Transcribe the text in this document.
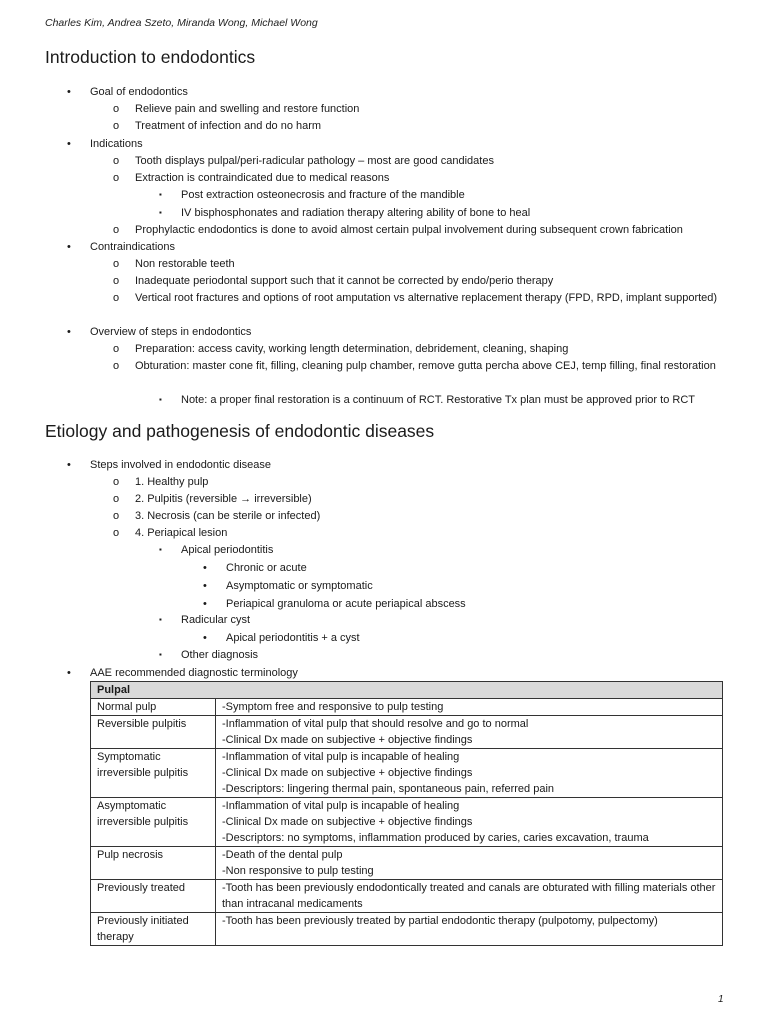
Charles Kim, Andrea Szeto, Miranda Wong, Michael Wong
Introduction to endodontics
• Goal of endodontics
o Relieve pain and swelling and restore function
o Treatment of infection and do no harm
• Indications
o Tooth displays pulpal/peri-radicular pathology – most are good candidates
o Extraction is contraindicated due to medical reasons
▪ Post extraction osteonecrosis and fracture of the mandible
▪ IV bisphosphonates and radiation therapy altering ability of bone to heal
o Prophylactic endodontics is done to avoid almost certain pulpal involvement during subsequent crown fabrication
• Contraindications
o Non restorable teeth
o Inadequate periodontal support such that it cannot be corrected by endo/perio therapy
o Vertical root fractures and options of root amputation vs alternative replacement therapy (FPD, RPD, implant supported)
• Overview of steps in endodontics
o Preparation: access cavity, working length determination, debridement, cleaning, shaping
o Obturation: master cone fit, filling, cleaning pulp chamber, remove gutta percha above CEJ, temp filling, final restoration
▪ Note: a proper final restoration is a continuum of RCT. Restorative Tx plan must be approved prior to RCT
Etiology and pathogenesis of endodontic diseases
• Steps involved in endodontic disease
o 1. Healthy pulp
o 2. Pulpitis (reversible → irreversible)
o 3. Necrosis (can be sterile or infected)
o 4. Periapical lesion
▪ Apical periodontitis
• Chronic or acute
• Asymptomatic or symptomatic
• Periapical granuloma or acute periapical abscess
▪ Radicular cyst
• Apical periodontitis + a cyst
▪ Other diagnosis
• AAE recommended diagnostic terminology
Pulpal	
Normal pulp	-Symptom free and responsive to pulp testing

Reversible pulpitis	-Inflammation of vital pulp that should resolve and go to normal
-Clinical Dx made on subjective + objective findings

Symptomatic irreversible pulpitis	-Inflammation of vital pulp is incapable of healing
-Clinical Dx made on subjective + objective findings
-Descriptors: lingering thermal pain, spontaneous pain, referred pain

Asymptomatic irreversible pulpitis	-Inflammation of vital pulp is incapable of healing
-Clinical Dx made on subjective + objective findings
-Descriptors: no symptoms, inflammation produced by caries, caries excavation, trauma

Pulp necrosis	-Death of the dental pulp
-Non responsive to pulp testing

Previously treated	-Tooth has been previously endodontically treated and canals are obturated with filling materials other than intracanal medicaments

Previously initiated therapy	-Tooth has been previously treated by partial endodontic therapy (pulpotomy, pulpectomy)
1
